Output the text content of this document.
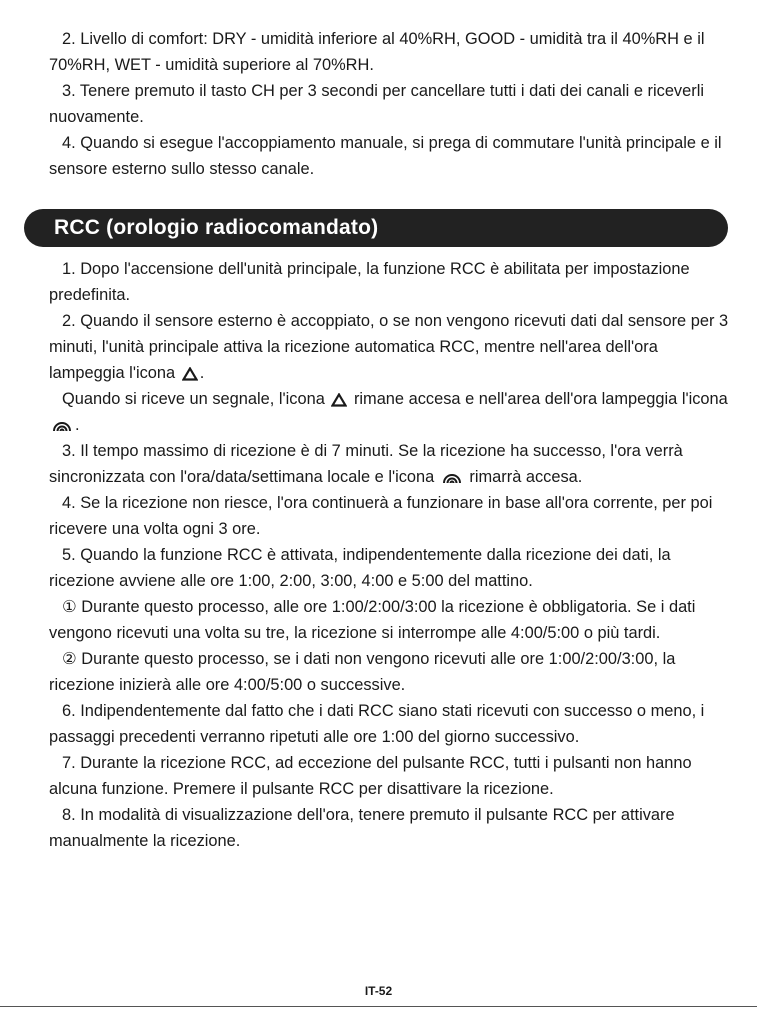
2. Livello di comfort: DRY - umidità inferiore al 40%RH, GOOD - umidità tra il 40%RH e il 70%RH, WET - umidità superiore al 70%RH.

3. Tenere premuto il tasto CH per 3 secondi per cancellare tutti i dati dei canali e riceverli nuovamente.

4. Quando si esegue l'accoppiamento manuale, si prega di commutare l'unità principale e il sensore esterno sullo stesso canale.

RCC (orologio radiocomandato)

1. Dopo l'accensione dell'unità principale, la funzione RCC è abilitata per impostazione predefinita.

2. Quando il sensore esterno è accoppiato, o se non vengono ricevuti dati dal sensore per 3 minuti, l'unità principale attiva la ricezione automatica RCC, mentre nell'area dell'ora lampeggia l'icona .

Quando si riceve un segnale, l'icona rimane accesa e nell'area dell'ora lampeggia l'icona .

3. Il tempo massimo di ricezione è di 7 minuti. Se la ricezione ha successo, l'ora verrà sincronizzata con l'ora/data/settimana locale e l'icona rimarrà accesa.

4. Se la ricezione non riesce, l'ora continuerà a funzionare in base all'ora corrente, per poi ricevere una volta ogni 3 ore.

5. Quando la funzione RCC è attivata, indipendentemente dalla ricezione dei dati, la ricezione avviene alle ore 1:00, 2:00, 3:00, 4:00 e 5:00 del mattino.

① Durante questo processo, alle ore 1:00/2:00/3:00 la ricezione è obbligatoria. Se i dati vengono ricevuti una volta su tre, la ricezione si interrompe alle 4:00/5:00 o più tardi.

② Durante questo processo, se i dati non vengono ricevuti alle ore 1:00/2:00/3:00, la ricezione inizierà alle ore 4:00/5:00 o successive.

6. Indipendentemente dal fatto che i dati RCC siano stati ricevuti con successo o meno, i passaggi precedenti verranno ripetuti alle ore 1:00 del giorno successivo.

7. Durante la ricezione RCC, ad eccezione del pulsante RCC, tutti i pulsanti non hanno alcuna funzione. Premere il pulsante RCC per disattivare la ricezione.

8. In modalità di visualizzazione dell'ora, tenere premuto il pulsante RCC per attivare manualmente la ricezione.

IT-52
